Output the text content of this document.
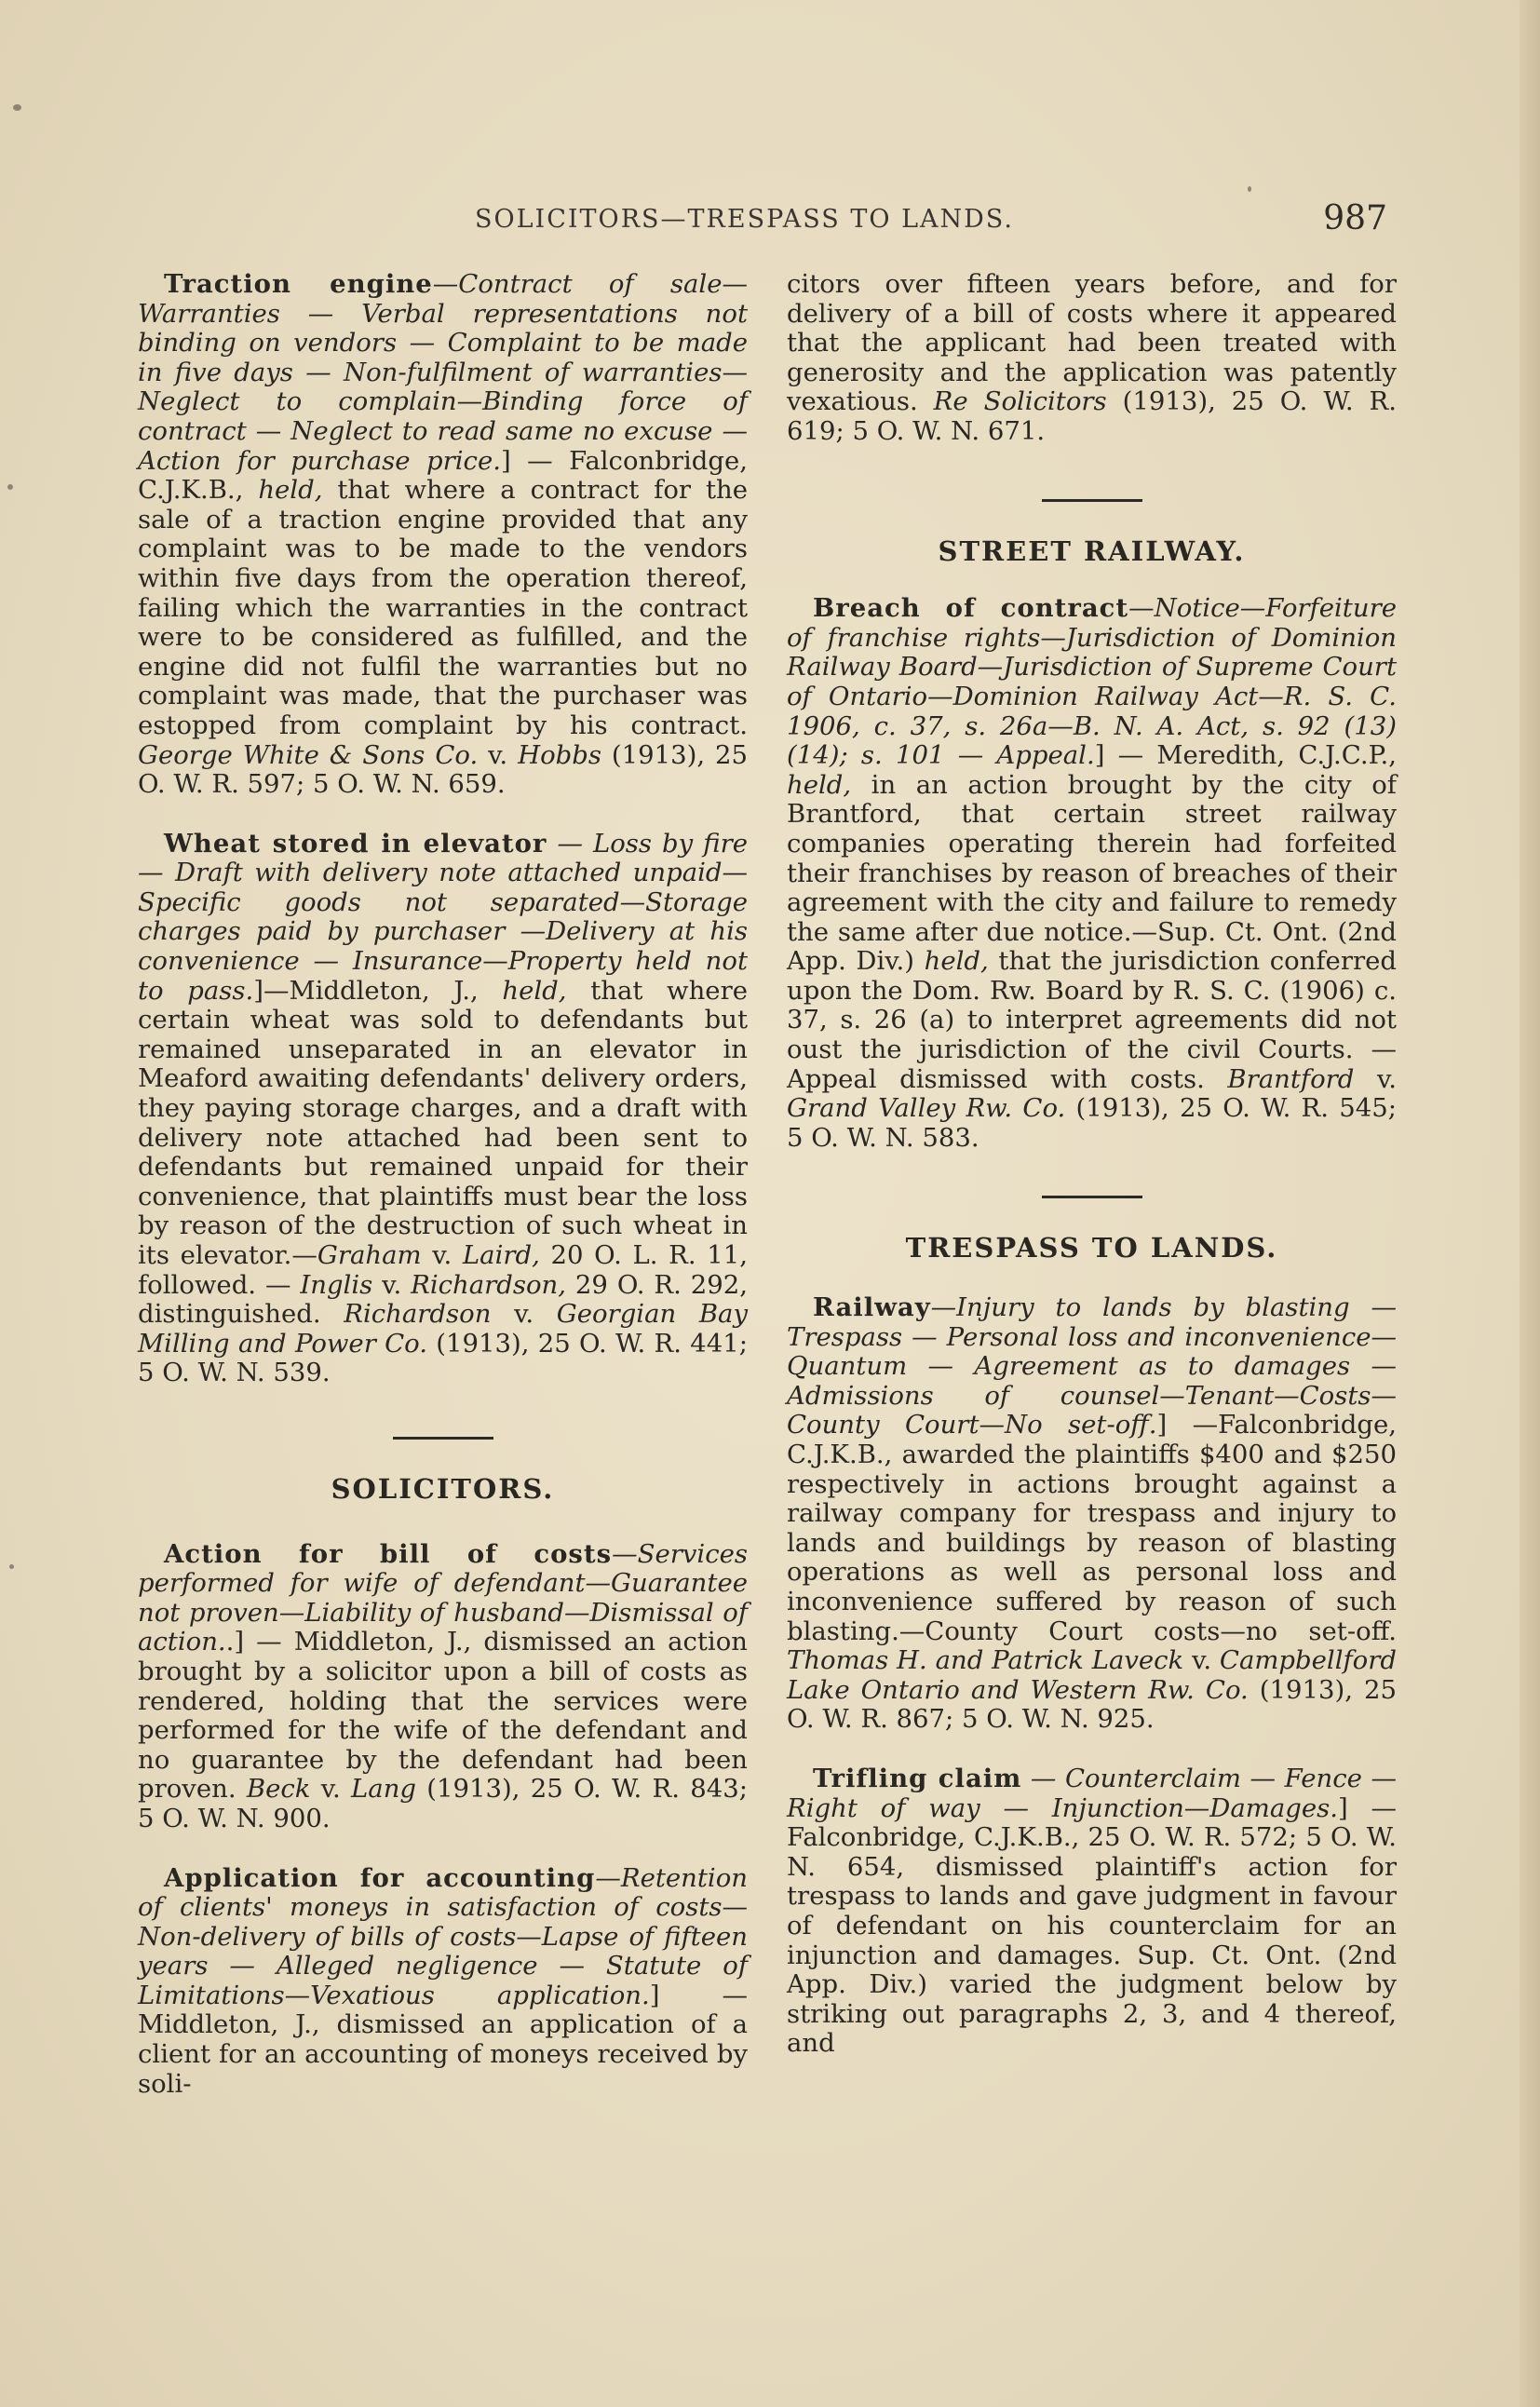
SOLICITORS—TRESPASS TO LANDS.	987

Traction engine—Contract of sale—Warranties — Verbal representations not binding on vendors — Complaint to be made in five days — Non-fulfilment of warranties—Neglect to complain—Binding force of contract — Neglect to read same no excuse — Action for purchase price.] — Falconbridge, C.J.K.B., held, that where a contract for the sale of a traction engine provided that any complaint was to be made to the vendors within five days from the operation thereof, failing which the warranties in the contract were to be considered as fulfilled, and the engine did not fulfil the warranties but no complaint was made, that the purchaser was estopped from complaint by his contract. George White & Sons Co. v. Hobbs (1913), 25 O. W. R. 597; 5 O. W. N. 659.

Wheat stored in elevator — Loss by fire — Draft with delivery note attached unpaid—Specific goods not separated—Storage charges paid by purchaser —Delivery at his convenience — Insurance—Property held not to pass.]—Middleton, J., held, that where certain wheat was sold to defendants but remained unseparated in an elevator in Meaford awaiting defendants' delivery orders, they paying storage charges, and a draft with delivery note attached had been sent to defendants but remained unpaid for their convenience, that plaintiffs must bear the loss by reason of the destruction of such wheat in its elevator.—Graham v. Laird, 20 O. L. R. 11, followed. — Inglis v. Richardson, 29 O. R. 292, distinguished. Richardson v. Georgian Bay Milling and Power Co. (1913), 25 O. W. R. 441; 5 O. W. N. 539.

SOLICITORS.

Action for bill of costs—Services performed for wife of defendant—Guarantee not proven—Liability of husband—Dismissal of action..] — Middleton, J., dismissed an action brought by a solicitor upon a bill of costs as rendered, holding that the services were performed for the wife of the defendant and no guarantee by the defendant had been proven. Beck v. Lang (1913), 25 O. W. R. 843; 5 O. W. N. 900.

Application for accounting—Retention of clients' moneys in satisfaction of costs—Non-delivery of bills of costs—Lapse of fifteen years — Alleged negligence — Statute of Limitations—Vexatious application.] — Middleton, J., dismissed an application of a client for an accounting of moneys received by soli-

citors over fifteen years before, and for delivery of a bill of costs where it appeared that the applicant had been treated with generosity and the application was patently vexatious. Re Solicitors (1913), 25 O. W. R. 619; 5 O. W. N. 671.

STREET RAILWAY.

Breach of contract—Notice—Forfeiture of franchise rights—Jurisdiction of Dominion Railway Board—Jurisdiction of Supreme Court of Ontario—Dominion Railway Act—R. S. C. 1906, c. 37, s. 26a—B. N. A. Act, s. 92 (13) (14); s. 101 — Appeal.] — Meredith, C.J.C.P., held, in an action brought by the city of Brantford, that certain street railway companies operating therein had forfeited their franchises by reason of breaches of their agreement with the city and failure to remedy the same after due notice.—Sup. Ct. Ont. (2nd App. Div.) held, that the jurisdiction conferred upon the Dom. Rw. Board by R. S. C. (1906) c. 37, s. 26 (a) to interpret agreements did not oust the jurisdiction of the civil Courts. — Appeal dismissed with costs. Brantford v. Grand Valley Rw. Co. (1913), 25 O. W. R. 545; 5 O. W. N. 583.

TRESPASS TO LANDS.

Railway—Injury to lands by blasting —Trespass — Personal loss and inconvenience—Quantum — Agreement as to damages — Admissions of counsel—Tenant—Costs—County Court—No set-off.] —Falconbridge, C.J.K.B., awarded the plaintiffs $400 and $250 respectively in actions brought against a railway company for trespass and injury to lands and buildings by reason of blasting operations as well as personal loss and inconvenience suffered by reason of such blasting.—County Court costs—no set-off. Thomas H. and Patrick Laveck v. Campbellford Lake Ontario and Western Rw. Co. (1913), 25 O. W. R. 867; 5 O. W. N. 925.

Trifling claim — Counterclaim — Fence — Right of way — Injunction—Damages.] — Falconbridge, C.J.K.B., 25 O. W. R. 572; 5 O. W. N. 654, dismissed plaintiff's action for trespass to lands and gave judgment in favour of defendant on his counterclaim for an injunction and damages. Sup. Ct. Ont. (2nd App. Div.) varied the judgment below by striking out paragraphs 2, 3, and 4 thereof, and
